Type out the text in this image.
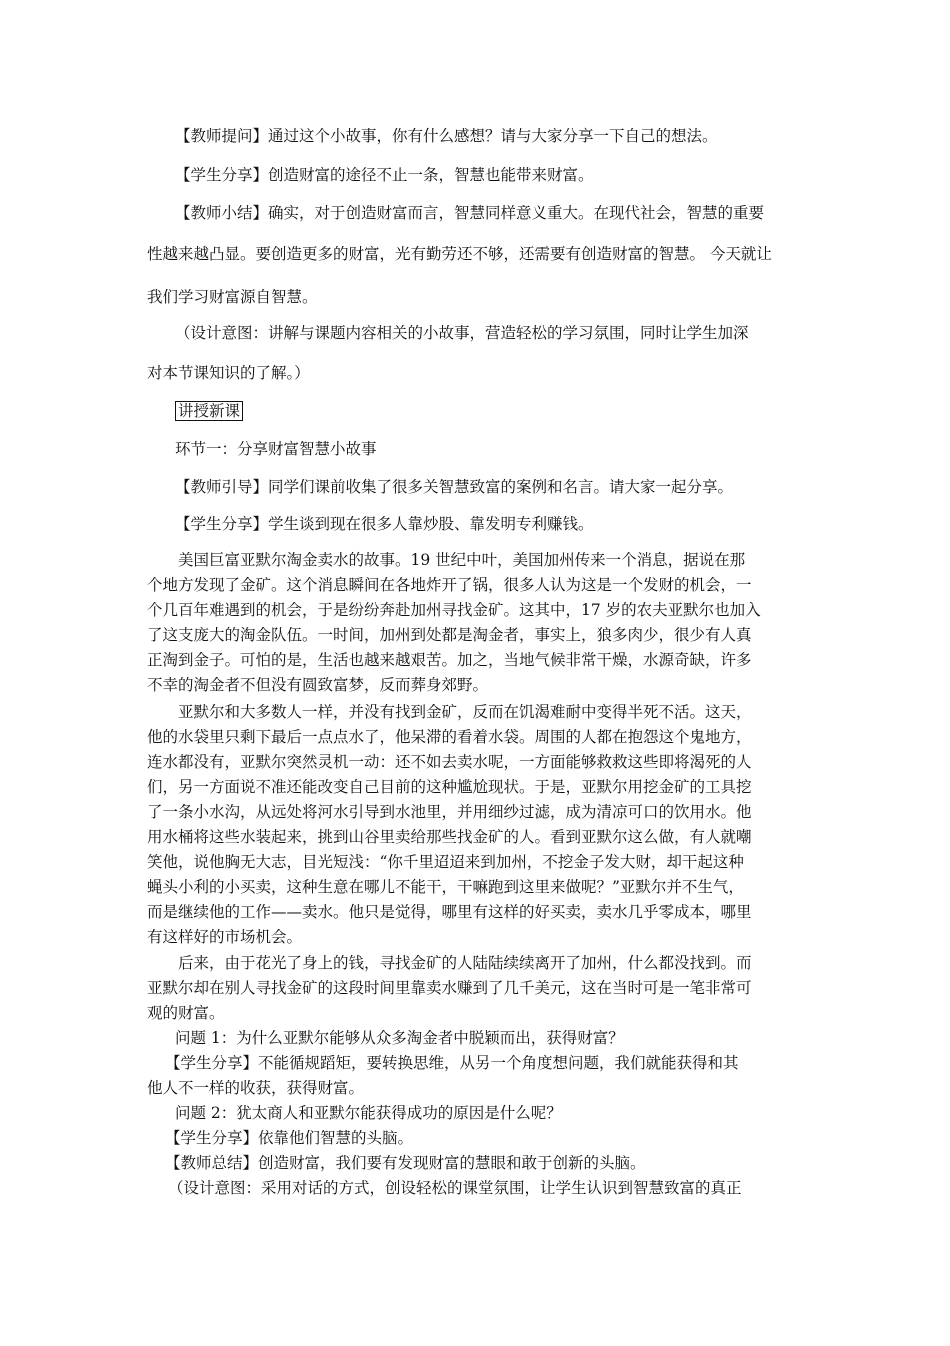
【教师提问】通过这个小故事，你有什么感想？请与大家分享一下自己的想法。
【学生分享】创造财富的途径不止一条，智慧也能带来财富。
【教师小结】确实，对于创造财富而言，智慧同样意义重大。在现代社会，智慧的重要
性越来越凸显。要创造更多的财富，光有勤劳还不够，还需要有创造财富的智慧。 今天就让
我们学习财富源自智慧。
（设计意图：讲解与课题内容相关的小故事，营造轻松的学习氛围，同时让学生加深
对本节课知识的了解。）
讲授新课
环节一：分享财富智慧小故事
【教师引导】同学们课前收集了很多关智慧致富的案例和名言。请大家一起分享。
【学生分享】学生谈到现在很多人靠炒股、靠发明专利赚钱。
美国巨富亚默尔淘金卖水的故事。19 世纪中叶，美国加州传来一个消息，据说在那
个地方发现了金矿。这个消息瞬间在各地炸开了锅，很多人认为这是一个发财的机会，一
个几百年难遇到的机会，于是纷纷奔赴加州寻找金矿。这其中，17 岁的农夫亚默尔也加入
了这支庞大的淘金队伍。一时间，加州到处都是淘金者，事实上，狼多肉少，很少有人真
正淘到金子。可怕的是，生活也越来越艰苦。加之，当地气候非常干燥，水源奇缺，许多
不幸的淘金者不但没有圆致富梦，反而葬身郊野。
亚默尔和大多数人一样，并没有找到金矿，反而在饥渴难耐中变得半死不活。这天，
他的水袋里只剩下最后一点点水了，他呆滞的看着水袋。周围的人都在抱怨这个鬼地方，
连水都没有，亚默尔突然灵机一动：还不如去卖水呢，一方面能够救救这些即将渴死的人
们，另一方面说不准还能改变自己目前的这种尴尬现状。于是，亚默尔用挖金矿的工具挖
了一条小水沟，从远处将河水引导到水池里，并用细纱过滤，成为清凉可口的饮用水。他
用水桶将这些水装起来，挑到山谷里卖给那些找金矿的人。看到亚默尔这么做，有人就嘲
笑他，说他胸无大志，目光短浅：“你千里迢迢来到加州，不挖金子发大财，却干起这种
蝇头小利的小买卖，这种生意在哪儿不能干，干嘛跑到这里来做呢？”亚默尔并不生气，
而是继续他的工作——卖水。他只是觉得，哪里有这样的好买卖，卖水几乎零成本，哪里
有这样好的市场机会。
后来，由于花光了身上的钱，寻找金矿的人陆陆续续离开了加州，什么都没找到。而
亚默尔却在别人寻找金矿的这段时间里靠卖水赚到了几千美元，这在当时可是一笔非常可
观的财富。
问题 1：为什么亚默尔能够从众多淘金者中脱颖而出，获得财富？
【学生分享】不能循规蹈矩，要转换思维，从另一个角度想问题，我们就能获得和其
他人不一样的收获，获得财富。
问题 2：犹太商人和亚默尔能获得成功的原因是什么呢？
【学生分享】依靠他们智慧的头脑。
【教师总结】创造财富，我们要有发现财富的慧眼和敢于创新的头脑。
（设计意图：采用对话的方式，创设轻松的课堂氛围，让学生认识到智慧致富的真正
